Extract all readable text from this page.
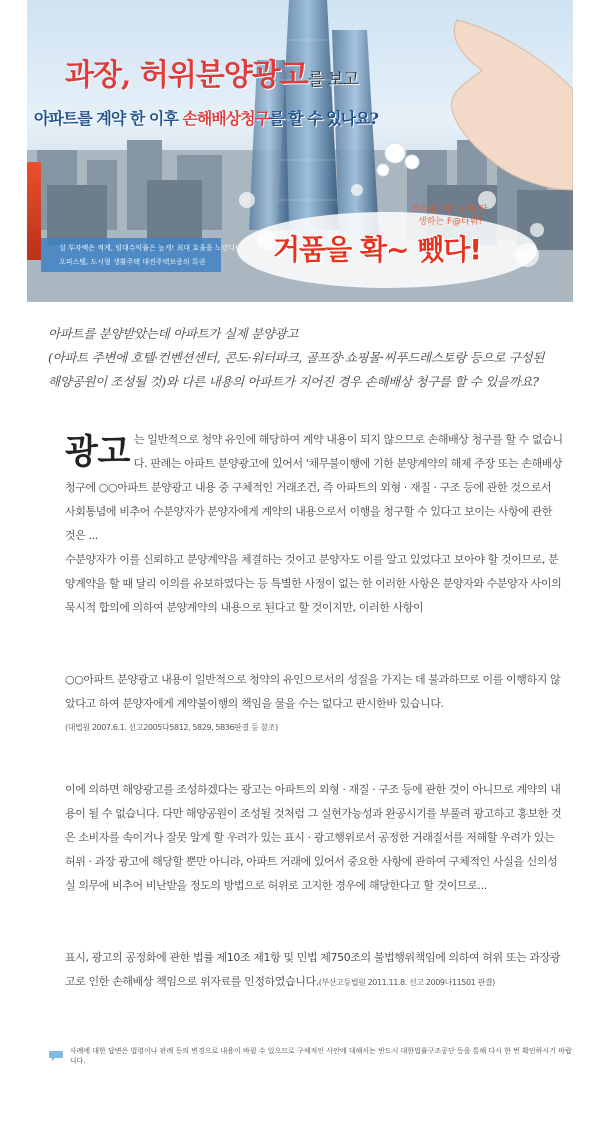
과장, 허위분양광고를 보고
아파트를 계약 한 이후 손해배상청구를 할 수 있나요?
트리플 역세권에 탄생하는 F@타워!
거품을 확~ 뺐다!
실 투자액은 적게, 임대수익률은 높게! 최대 효율을 노린다!
오피스텔, 도시형 생활주택 대전주택보증의 특권

아파트를 분양받았는데 아파트가 실제 분양광고

(아파트 주변에 호텔·컨벤션센터, 콘도·워터파크, 골프장·쇼핑몰·씨푸드레스토랑 등으로 구성된

해양공원이 조성될 것)와 다른 내용의 아파트가 지어진 경우 손해배상 청구를 할 수 있을까요?

광고 는 일반적으로 청약 유인에 해당하여 계약 내용이 되지 않으므로 손해배상 청구를 할 수 없습니다. 판례는 아파트 분양광고에 있어서 '채무불이행에 기한 분양계약의 해제 주장 또는 손해배상 청구에 ○○아파트 분양광고 내용 중 구체적인 거래조건, 즉 아파트의 외형 · 재질 · 구조 등에 관한 것으로서 사회통념에 비추어 수분양자가 분양자에게 계약의 내용으로서 이행을 청구할 수 있다고 보이는 사항에 관한 것은 ...

수분양자가 이를 신뢰하고 분양계약을 체결하는 것이고 분양자도 이를 알고 있었다고 보아야 할 것이므로, 분양계약을 할 때 달리 이의를 유보하였다는 등 특별한 사정이 없는 한 이러한 사항은 분양자와 수분양자 사이의 묵시적 합의에 의하여 분양계약의 내용으로 된다고 할 것이지만, 이러한 사항이

○○아파트 분양광고 내용이 일반적으로 청약의 유인으로서의 성질을 가지는 데 불과하므로 이를 이행하지 않았다고 하여 분양자에게 계약불이행의 책임을 물을 수는 없다고 판시한바 있습니다.

(대법원 2007.6.1. 선고2005다5812, 5829, 5836판결 등 참조)

이에 의하면 해양광고를 조성하겠다는 광고는 아파트의 외형 · 재질 · 구조 등에 관한 것이 아니므로 계약의 내용이 될 수 없습니다. 다만 해양공원이 조성될 것처럼 그 실현가능성과 완공시기를 부풀려 광고하고 홍보한 것은 소비자를 속이거나 잘못 알게 할 우려가 있는 표시 · 광고행위로서 공정한 거래질서를 저해할 우려가 있는 허위 · 과장 광고에 해당할 뿐만 아니라, 아파트 거래에 있어서 중요한 사항에 관하여 구체적인 사실을 신의성실 의무에 비추어 비난받을 정도의 방법으로 허위로 고지한 경우에 해당한다고 할 것이므로...

표시, 광고의 공정화에 관한 법률 제10조 제1항 및 민법 제750조의 불법행위책임에 의하여 허위 또는 과장광고로 인한 손해배상 책임으로 위자료를 인정하였습니다.(부산고등법원 2011.11.8. 선고 2009나11501 판결)

사례에 대한 답변은 법령이나 판례 등의 변경으로 내용이 바뀔 수 있으므로 구체적인 사안에 대해서는 반드시 대한법률구조공단 등을 통해 다시 한 번 확인하시기 바랍니다.
